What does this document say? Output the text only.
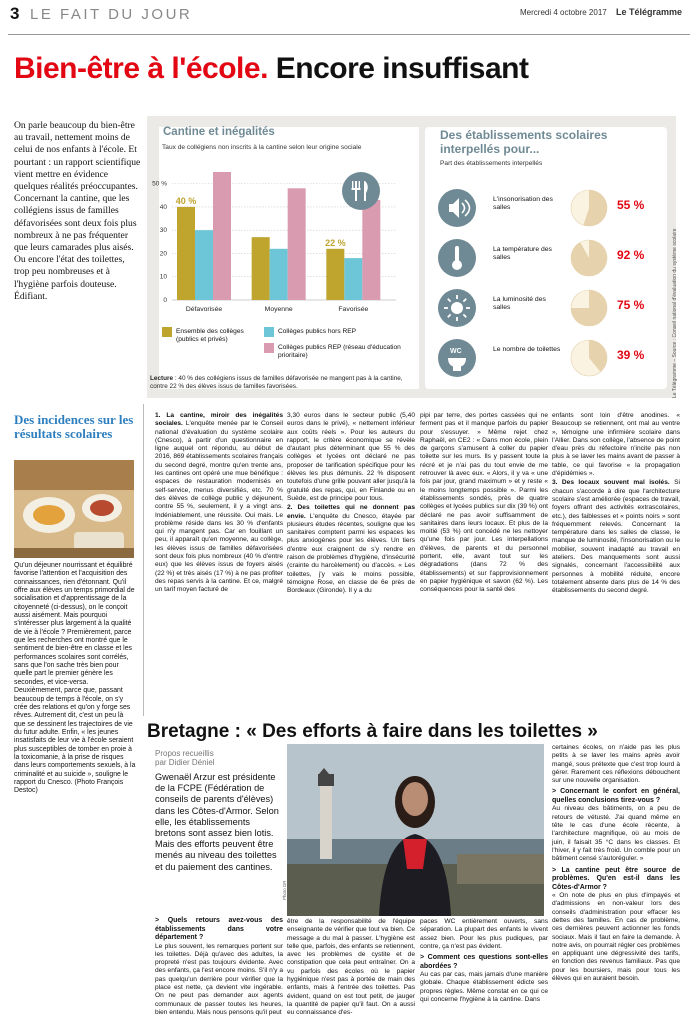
3 LE FAIT DU JOUR	Mercredi 4 octobre 2017 Le Télégramme
Bien-être à l'école. Encore insuffisant
On parle beaucoup du bien-être au travail, nettement moins de celui de nos enfants à l'école. Et pourtant : un rapport scientifique vient mettre en évidence quelques réalités préoccupantes. Concernant la cantine, que les collégiens issus de familles défavorisées sont deux fois plus nombreux à ne pas fréquenter que leurs camarades plus aisés. Ou encore l'état des toilettes, trop peu nombreuses et à l'hygiène parfois douteuse. Édifiant.
Cantine et inégalités
Taux de collégiens non inscrits à la cantine selon leur origine sociale
50 %
40
30
20
10
0
Défavorisée	Moyenne	Favorisée
40 %
22 %
Ensemble des collèges (publics et privés)
Collèges publics hors REP
Collèges publics REP (réseau d'éducation prioritaire)
Lecture : 40 % des collégiens issus de familles défavorisée ne mangent pas à la cantine, contre 22 % des élèves issus de familles favorisées.
Des établissements scolaires interpellés pour...
Part des établissements interpellés
L'insonorisation des salles	55 %
La température des salles	92 %
La luminosité des salles	75 %
WC	Le nombre de toilettes	39 %	Le Télégramme – Source : Conseil national d'évaluation du système scolaire
Des incidences sur les résultats scolaires
Qu'un déjeuner nourrissant et équilibré favorise l'attention et l'acquisition des connaissances, rien d'étonnant. Qu'il offre aux élèves un temps primordial de socialisation et d'apprentissage de la citoyenneté (ci-dessus), on le conçoit aussi aisément. Mais pourquoi s'intéresser plus largement à la qualité de vie à l'école ? Premièrement, parce que les recherches ont montré que le sentiment de bien-être en classe et les performances scolaires sont corrélés, sans que l'on sache très bien pour quelle part le premier génère les secondes, et vice-versa. Deuxièmement, parce que, passant beaucoup de temps à l'école, on s'y crée des relations et qu'on y forge ses rêves. Autrement dit, c'est un peu là que se dessinent les trajectoires de vie du futur adulte. Enfin, « les jeunes insatisfaits de leur vie à l'école seraient plus susceptibles de tomber en proie à la toxicomanie, à la prise de risques dans leurs comportements sexuels, à la criminalité et au suicide », souligne le rapport du Cnesco. (Photo François Destoc)

1. La cantine, miroir des inégalités sociales. L'enquête menée par le Conseil national d'évaluation du système scolaire (Cnesco), à partir d'un questionnaire en ligne auquel ont répondu, au début de 2016, 869 établissements scolaires français du second degré, montre qu'en trente ans, les cantines ont opéré une mue bénéfique : espaces de restauration modernisés en self-service, menus diversifiés, etc. 70 % des élèves de collège public y déjeunent, contre 55 %, seulement, il y a vingt ans. Indéniablement, une réussite. Oui mais. Le problème réside dans les 30 % d'enfants qui n'y mangent pas. Car en fouillant un peu, il apparaît qu'en moyenne, au collège, les élèves issus de familles défavorisées sont deux fois plus nombreux (40 % d'entre eux) que les élèves issus de foyers aisés (22 %) et très aisés (17 %) à ne pas profiter des repas servis à la cantine. Et ce, malgré un tarif moyen facturé de

3,30 euros dans le secteur public (5,40 euros dans le privé), « nettement inférieur aux coûts réels ». Pour les auteurs du rapport, le critère économique se révèle d'autant plus déterminant que 55 % des collèges et lycées ont déclaré ne pas proposer de tarification spécifique pour les élèves les plus démunis. 22 % disposent toutefois d'une grille pouvant aller jusqu'à la gratuité des repas, qui, en Finlande ou en Suède, est de principe pour tous.

2. Des toilettes qui ne donnent pas envie. L'enquête du Cnesco, étayée par plusieurs études récentes, souligne que les sanitaires comptent parmi les espaces les plus anxiogènes pour les élèves. Un tiers d'entre eux craignent de s'y rendre en raison de problèmes d'hygiène, d'insécurité (crainte du harcèlement) ou d'accès. « Les toilettes, j'y vais le moins possible, témoigne Rose, en classe de 6e près de Bordeaux (Gironde). Il y a du

pipi par terre, des portes cassées qui ne ferment pas et il manque parfois du papier pour s'essuyer. » Même rejet chez Raphaël, en CE2 : « Dans mon école, plein de garçons s'amusent à coller du papier toilette sur les murs. Ils y passent toute la récré et je n'ai pas du tout envie de me retrouver là avec eux. « Alors, il y va « une fois par jour, grand maximum » et y reste « le moins longtemps possible ». Parmi les établissements sondés, près de quatre collèges et lycées publics sur dix (39 %) ont déclaré ne pas avoir suffisamment de sanitaires dans leurs locaux. Et plus de la moitié (53 %) ont concédé ne les nettoyer qu'une fois par jour. Les interpellations d'élèves, de parents et du personnel portent, elle, avant tout sur les dégradations (dans 72 % des établissements) et sur l'approvisionnement en papier hygiénique et savon (62 %). Les conséquences pour la santé des

enfants sont loin d'être anodines. « Beaucoup se retiennent, ont mal au ventre », témoigne une infirmière scolaire dans l'Allier. Dans son collège, l'absence de point d'eau près du réfectoire n'incite pas non plus à se laver les mains avant de passer à table, ce qui favorise « la propagation d'épidémies ».

3. Des locaux souvent mal isolés. Si chacun s'accorde à dire que l'architecture scolaire s'est améliorée (espaces de travail, foyers offrant des activités extrascolaires, etc.), des faiblesses et « points noirs » sont fréquemment relevés. Concernant la température dans les salles de classe, le manque de luminosité, l'insonorisation ou le mobilier, souvent inadapté au travail en ateliers. Des manquements sont aussi signalés, concernant l'accessibilité aux personnes à mobilité réduite, encore totalement absente dans plus de 14 % des établissements du second degré.

Bretagne : « Des efforts à faire dans les toilettes »
Propos recueillis
par Didier Déniel
Gwenaël Arzur est présidente de la FCPE (Fédération de conseils de parents d'élèves) dans les Côtes-d'Armor. Selon elle, les établissements bretons sont assez bien lotis. Mais des efforts peuvent être menés au niveau des toilettes et du paiement des cantines.
Photo DR

> Quels retours avez-vous des établissements dans votre département ?
Le plus souvent, les remarques portent sur les toilettes. Déjà qu'avec des adultes, la propreté n'est pas toujours évidente. Avec des enfants, ça l'est encore moins. S'il n'y a pas quelqu'un derrière pour vérifier que la place est nette, ça devient vite ingérable. On ne peut pas demander aux agents communaux de passer toutes les heures, bien entendu. Mais nous pensons qu'il peut

être de la responsabilité de l'équipe enseignante de vérifier que tout va bien. Ce message a du mal à passer. L'hygiène est telle que, parfois, des enfants se retiennent, avec les problèmes de cystite et de constipation que cela peut entraîner. On a vu parfois des écoles où le papier hygiénique n'est pas à portée de main des enfants, mais à l'entrée des toilettes. Pas évident, quand on est tout petit, de jauger la quantité de papier qu'il faut. On a aussi eu connaissance d'es-

paces WC entièrement ouverts, sans séparation. La plupart des enfants le vivent assez bien. Pour les plus pudiques, par contre, ça n'est pas évident.

> Comment ces questions sont-elles abordées ?
Au cas par cas, mais jamais d'une manière globale. Chaque établissement édicte ses propres règles. Même constat en ce qui ce qui concerne l'hygiène à la cantine. Dans

certaines écoles, on n'aide pas les plus petits à se laver les mains après avoir mangé, sous prétexte que c'est trop lourd à gérer. Rarement ces réflexions débouchent sur une nouvelle organisation.

> Concernant le confort en général, quelles conclusions tirez-vous ?
Au niveau des bâtiments, on a peu de retours de vétusté. J'ai quand même en tête le cas d'une école récente, à l'architecture magnifique, où au mois de juin, il faisait 35 °C dans les classes. Et l'hiver, il y fait très froid. Un comble pour un bâtiment censé s'autoréguler. »

> La cantine peut être source de problèmes. Qu'en est-il dans les Côtes-d'Armor ?
« On note de plus en plus d'impayés et d'admissions en non-valeur lors des conseils d'administration pour effacer les dettes des familles. En cas de problème, ces dernières peuvent actionner les fonds sociaux. Mais il faut en faire la demande. À notre avis, on pourrait régler ces problèmes en appliquant une dégressivité des tarifs, en fonction des revenus familiaux. Pas que pour les boursiers, mais pour tous les élèves qui en auraient besoin.
